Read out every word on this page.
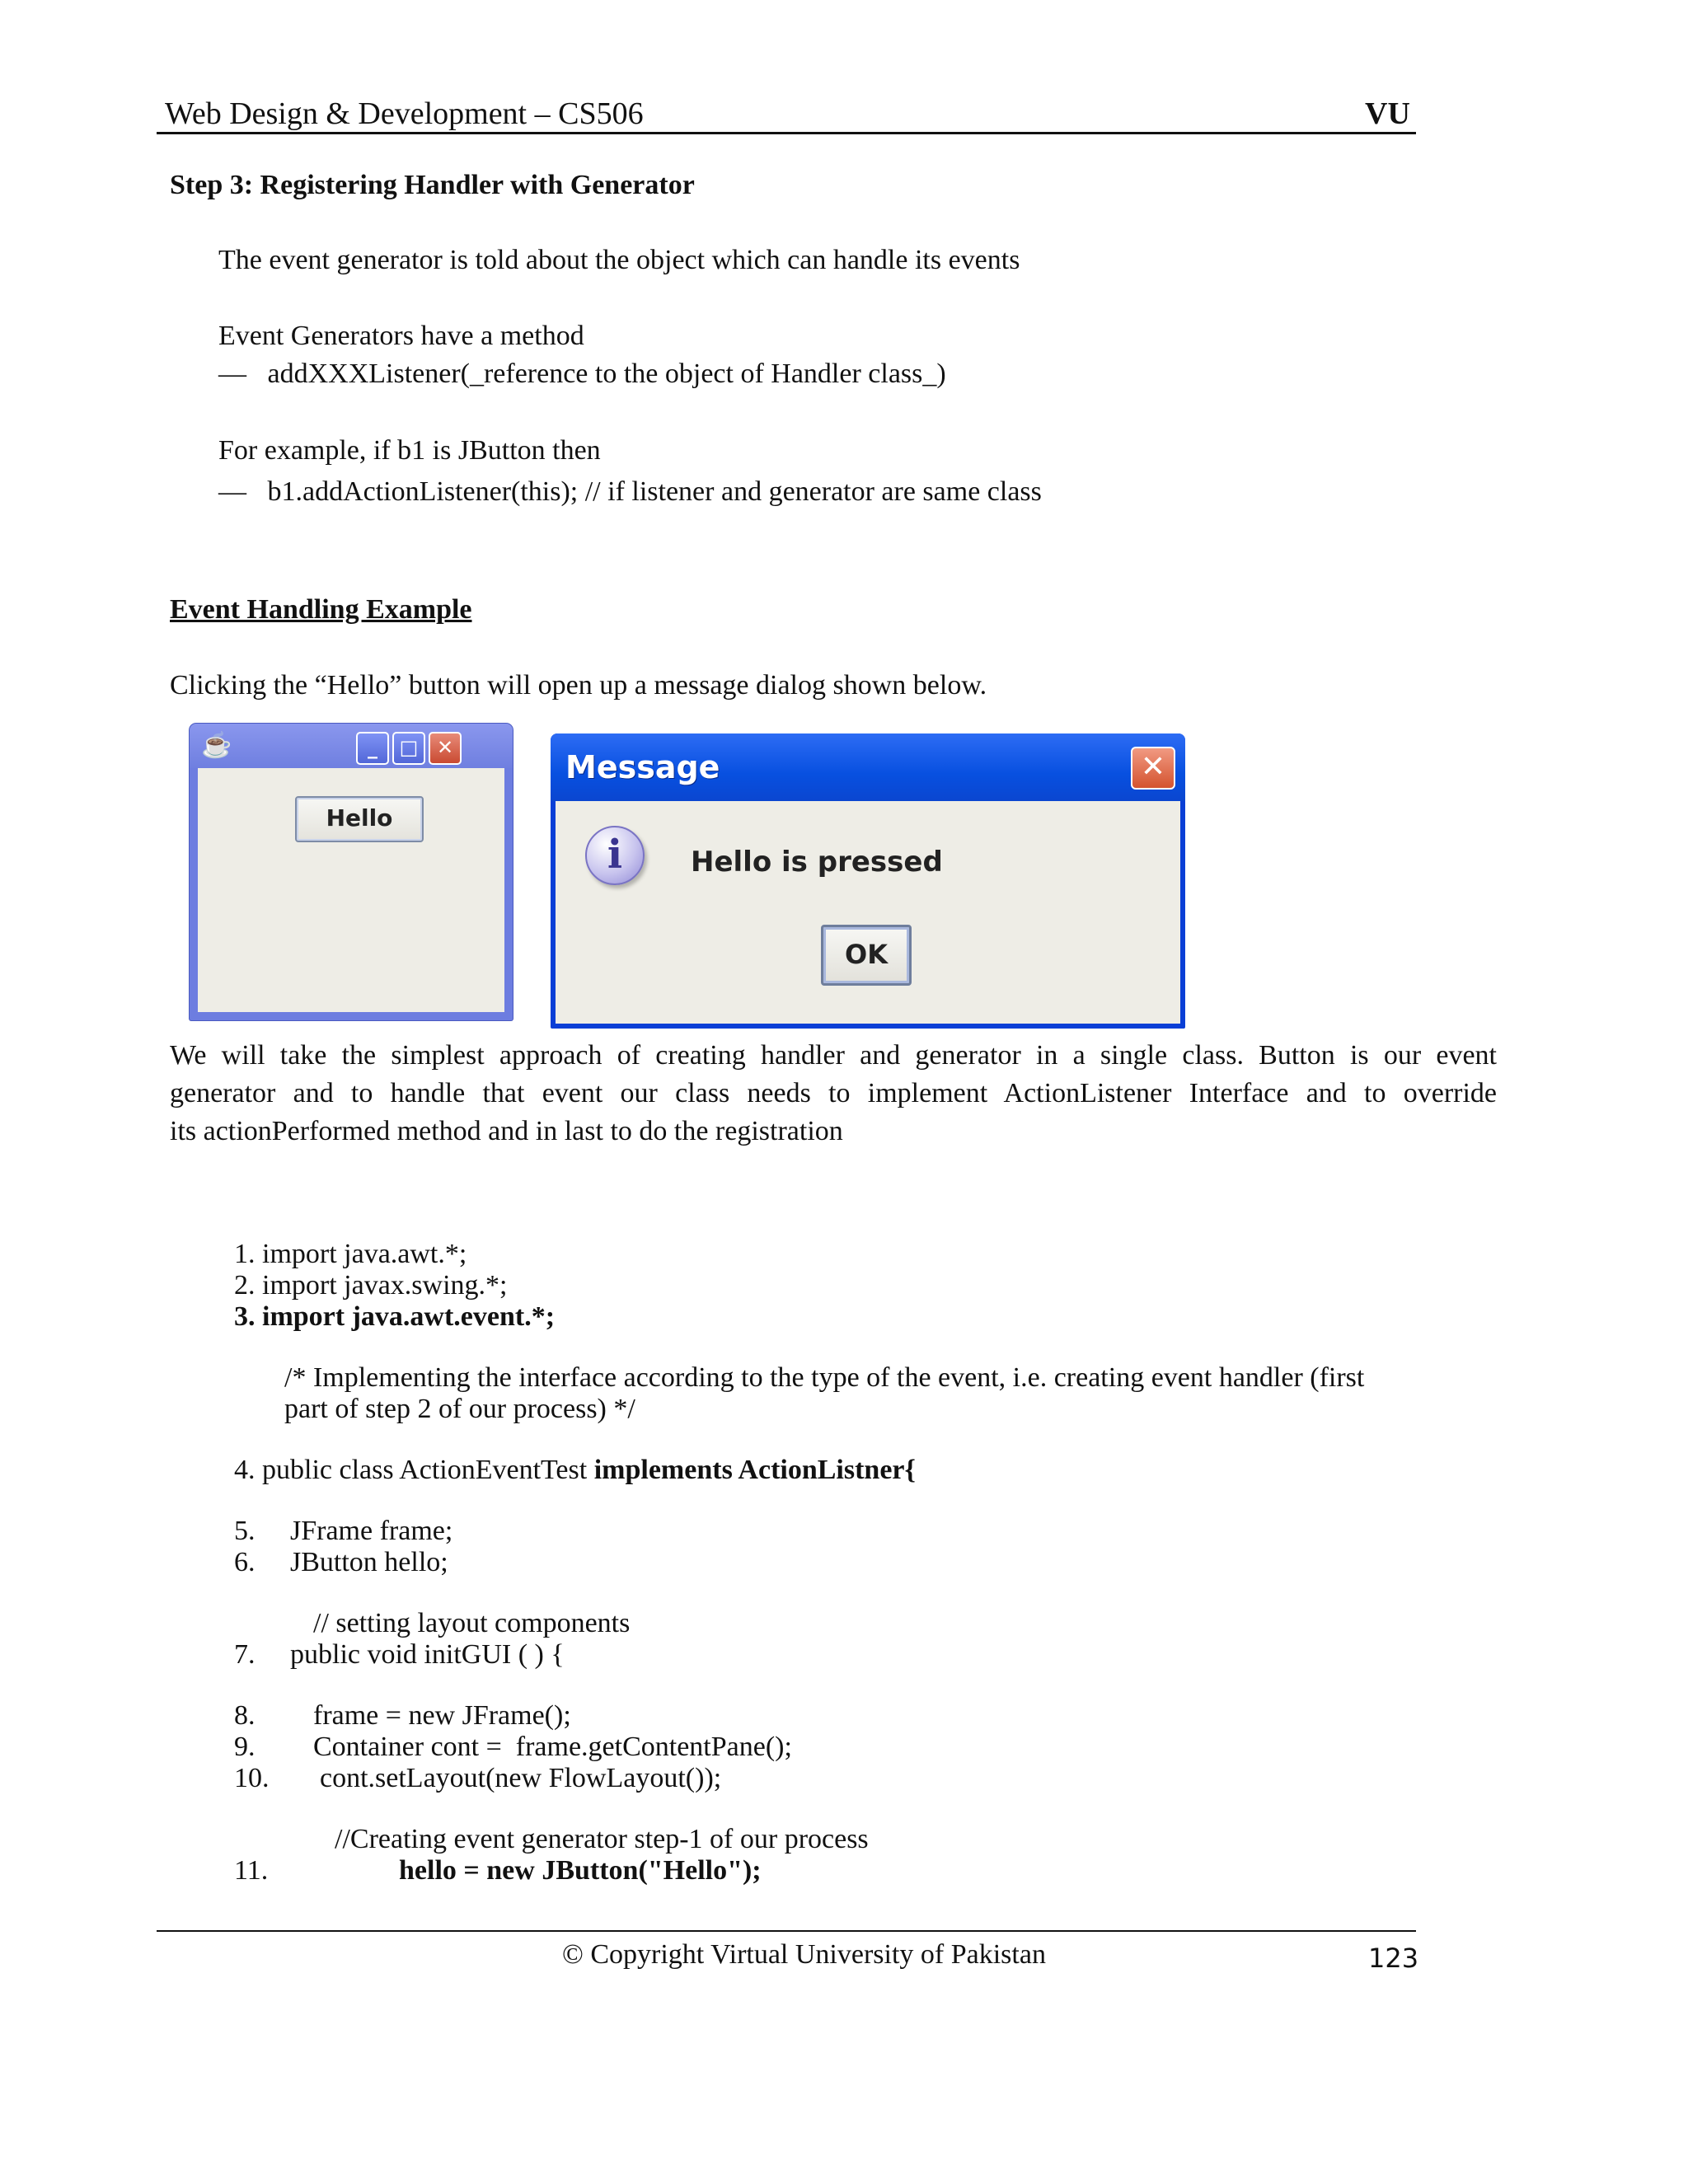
Web Design & Development – CS506	VU
Step 3: Registering Handler with Generator
The event generator is told about the object which can handle its events
Event Generators have a method
—   addXXXListener(_reference to the object of Handler class_)
For example, if b1 is JButton then
—   b1.addActionListener(this); // if listener and generator are same class
Event Handling Example
Clicking the “Hello” button will open up a message dialog shown below.
☕	_	□ ✕
Hello
Message	✕
i	Hello is pressed
OK
We will take the simplest approach of creating handler and generator in a single class. Button is our event
generator and to handle that event our class needs to implement ActionListener Interface and to override
its actionPerformed method and in last to do the registration
1. import java.awt.*;
2. import javax.swing.*;
3. import java.awt.event.*;
/* Implementing the interface according to the type of the event, i.e. creating event handler (first
part of step 2 of our process) */
4. public class ActionEventTest implements ActionListner{
5. JFrame frame;
6. JButton hello;
// setting layout components
7. public void initGUI ( ) {
8. frame = new JFrame();
9. Container cont =  frame.getContentPane();
10. cont.setLayout(new FlowLayout());
//Creating event generator step-1 of our process
11.	hello = new JButton("Hello");
© Copyright Virtual University of Pakistan	123
